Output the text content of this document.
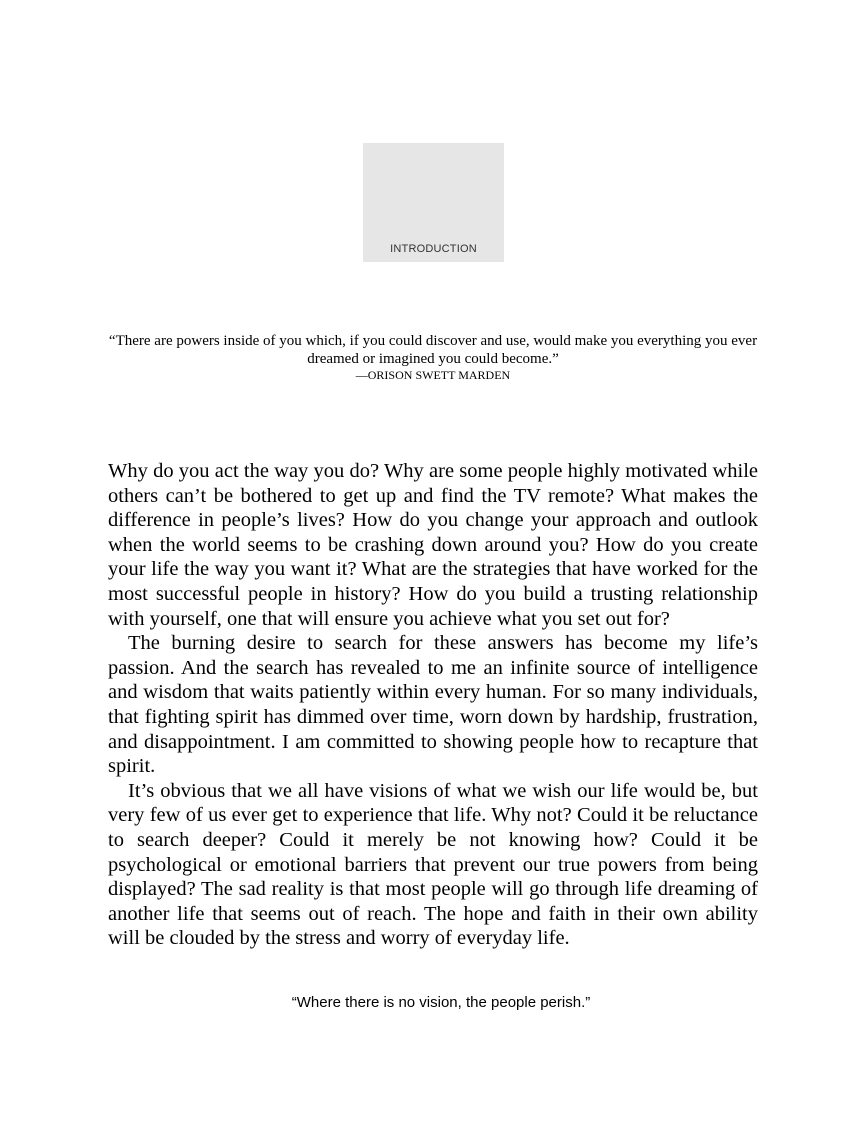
INTRODUCTION

“There are powers inside of you which, if you could discover and use, would make you everything you ever dreamed or imagined you could become.”

—ORISON SWETT MARDEN

Why do you act the way you do? Why are some people highly motivated while others can’t be bothered to get up and find the TV remote? What makes the difference in people’s lives? How do you change your approach and outlook when the world seems to be crashing down around you? How do you create your life the way you want it? What are the strategies that have worked for the most successful people in history? How do you build a trusting relationship with yourself, one that will ensure you achieve what you set out for?

The burning desire to search for these answers has become my life’s passion. And the search has revealed to me an infinite source of intelligence and wisdom that waits patiently within every human. For so many individuals, that fighting spirit has dimmed over time, worn down by hardship, frustration, and disappointment. I am committed to showing people how to recapture that spirit.

It’s obvious that we all have visions of what we wish our life would be, but very few of us ever get to experience that life. Why not? Could it be reluctance to search deeper? Could it merely be not knowing how? Could it be psychological or emotional barriers that prevent our true powers from being displayed? The sad reality is that most people will go through life dreaming of another life that seems out of reach. The hope and faith in their own ability will be clouded by the stress and worry of everyday life.

“Where there is no vision, the people perish.”
